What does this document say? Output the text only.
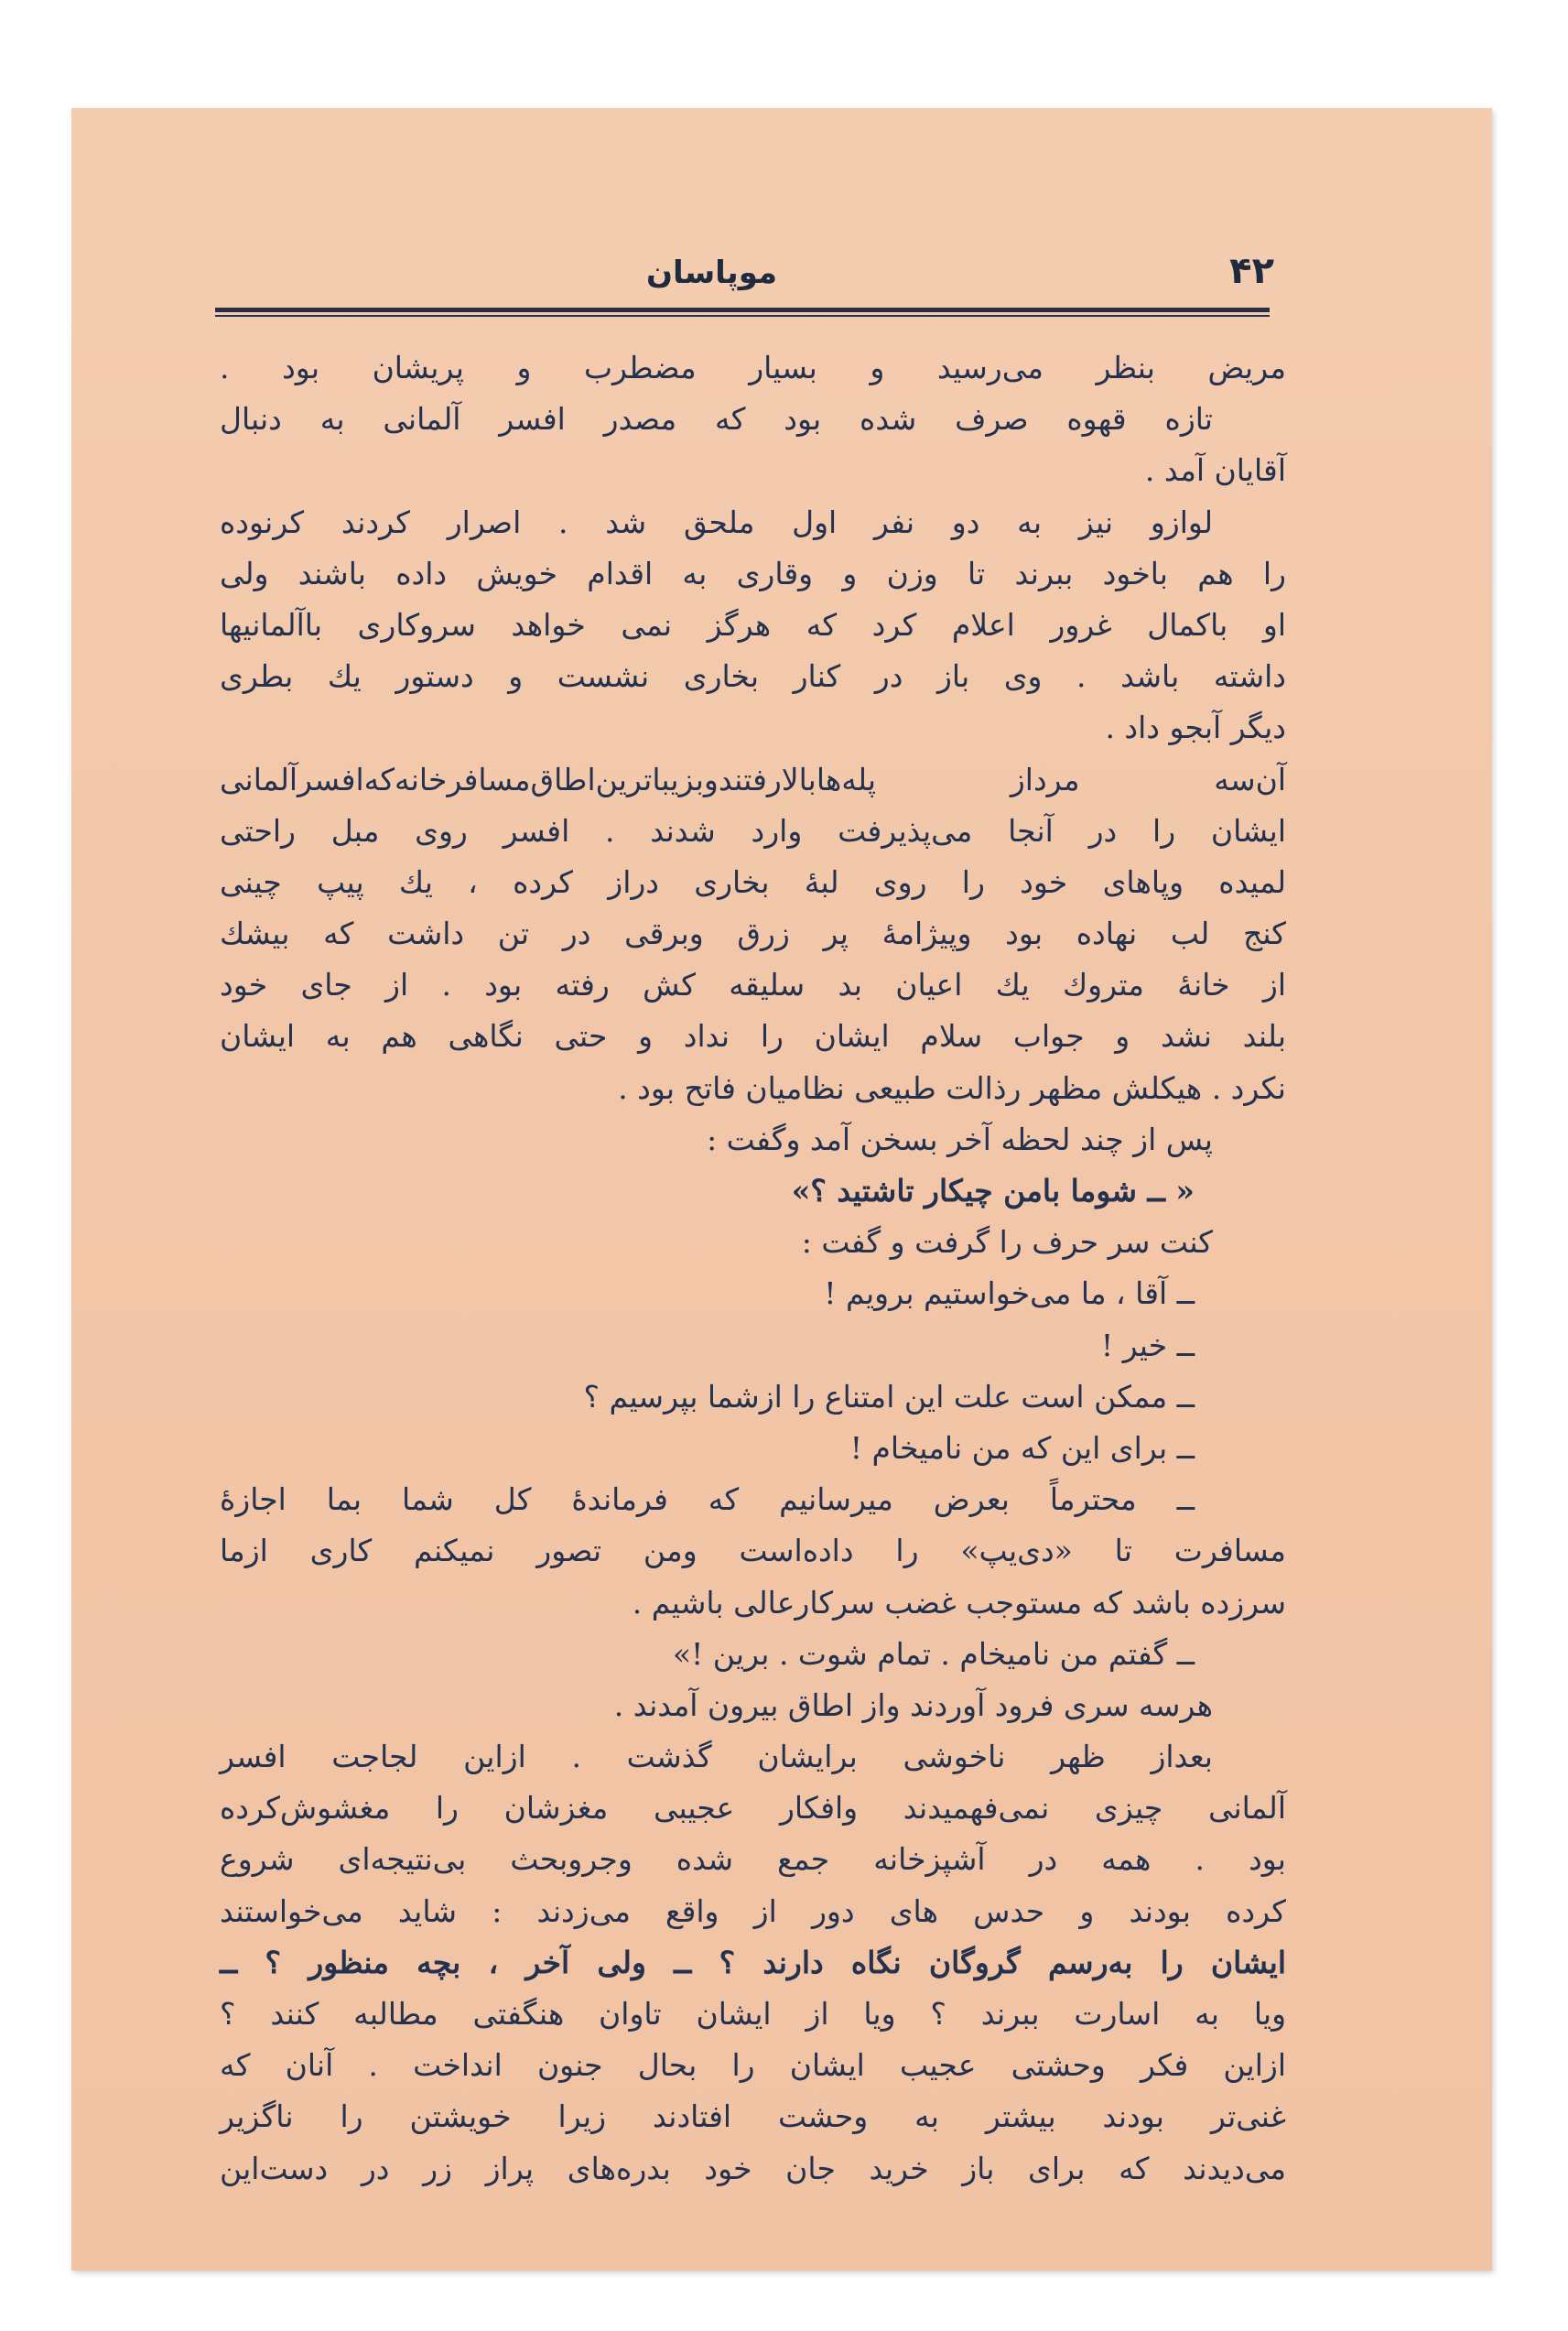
۴۲
موپاسان
مریض بنظر می‌رسید و بسیار مضطرب و پریشان بود .
تازه قهوه صرف شده بود که مصدر افسر آلمانی به دنبال
آقایان آمد .
لوازو نیز به دو نفر اول ملحق شد . اصرار کردند کرنوده
را هم باخود ببرند تا وزن و وقاری به اقدام خویش داده باشند ولی
او باکمال غرور اعلام کرد که هرگز نمی خواهد سروکاری باآلمانیها
داشته باشد . وی باز در کنار بخاری نشست و دستور یك بطری
دیگر آبجو داد .
آن‌سه مرداز پله‌هابالارفتندوبزیباترین‌اطاق‌مسافرخانه‌که‌افسرآلمانی
ایشان را در آنجا می‌پذیرفت وارد شدند . افسر روی مبل راحتی
لمیده وپاهای خود را روی لبهٔ بخاری دراز کرده ، یك پیپ چینی
کنج لب نهاده بود وپیژامهٔ پر زرق وبرقی در تن داشت که بیشك
از خانهٔ متروك یك اعیان بد سلیقه کش رفته بود . از جای خود
بلند نشد و جواب سلام ایشان را نداد و حتی نگاهی هم به ایشان
نکرد . هیکلش مظهر رذالت طبیعی نظامیان فاتح بود .
پس از چند لحظه آخر بسخن آمد وگفت :
« ــ شوما بامن چیکار تاشتید ؟»
کنت سر حرف را گرفت و گفت :
ــ آقا ، ما می‌خواستیم برویم !
ــ خیر !
ــ ممکن است علت این امتناع را ازشما بپرسیم ؟
ــ برای این که من نامیخام !
ــ محترماً بعرض میرسانیم که فرماندهٔ کل شما بما اجازهٔ
مسافرت تا «دی‌یپ» را داده‌است ومن تصور نمیکنم کاری ازما
سرزده باشد که مستوجب غضب سرکارعالی باشیم .
ــ گفتم من نامیخام . تمام شوت . برین !»
هرسه سری فرود آوردند واز اطاق بیرون آمدند .
بعداز ظهر ناخوشی برایشان گذشت . ازاین لجاجت افسر
آلمانی چیزی نمی‌فهمیدند وافکار عجیبی مغزشان را مغشوش‌کرده
بود . همه در آشپزخانه جمع شده وجروبحث بی‌نتیجه‌ای شروع
کرده بودند و حدس های دور از واقع می‌زدند : شاید می‌خواستند
ایشان را به‌رسم گروگان نگاه دارند ؟ ــ ولی آخر ، بچه منظور ؟ ــ
ویا به اسارت ببرند ؟ ویا از ایشان تاوان هنگفتی مطالبه کنند ؟
ازاین فکر وحشتی عجیب ایشان را بحال جنون انداخت . آنان که
غنی‌تر بودند بیشتر به وحشت افتادند زیرا خویشتن را ناگزیر
می‌دیدند که برای باز خرید جان خود بدره‌های پراز زر در دست‌این
